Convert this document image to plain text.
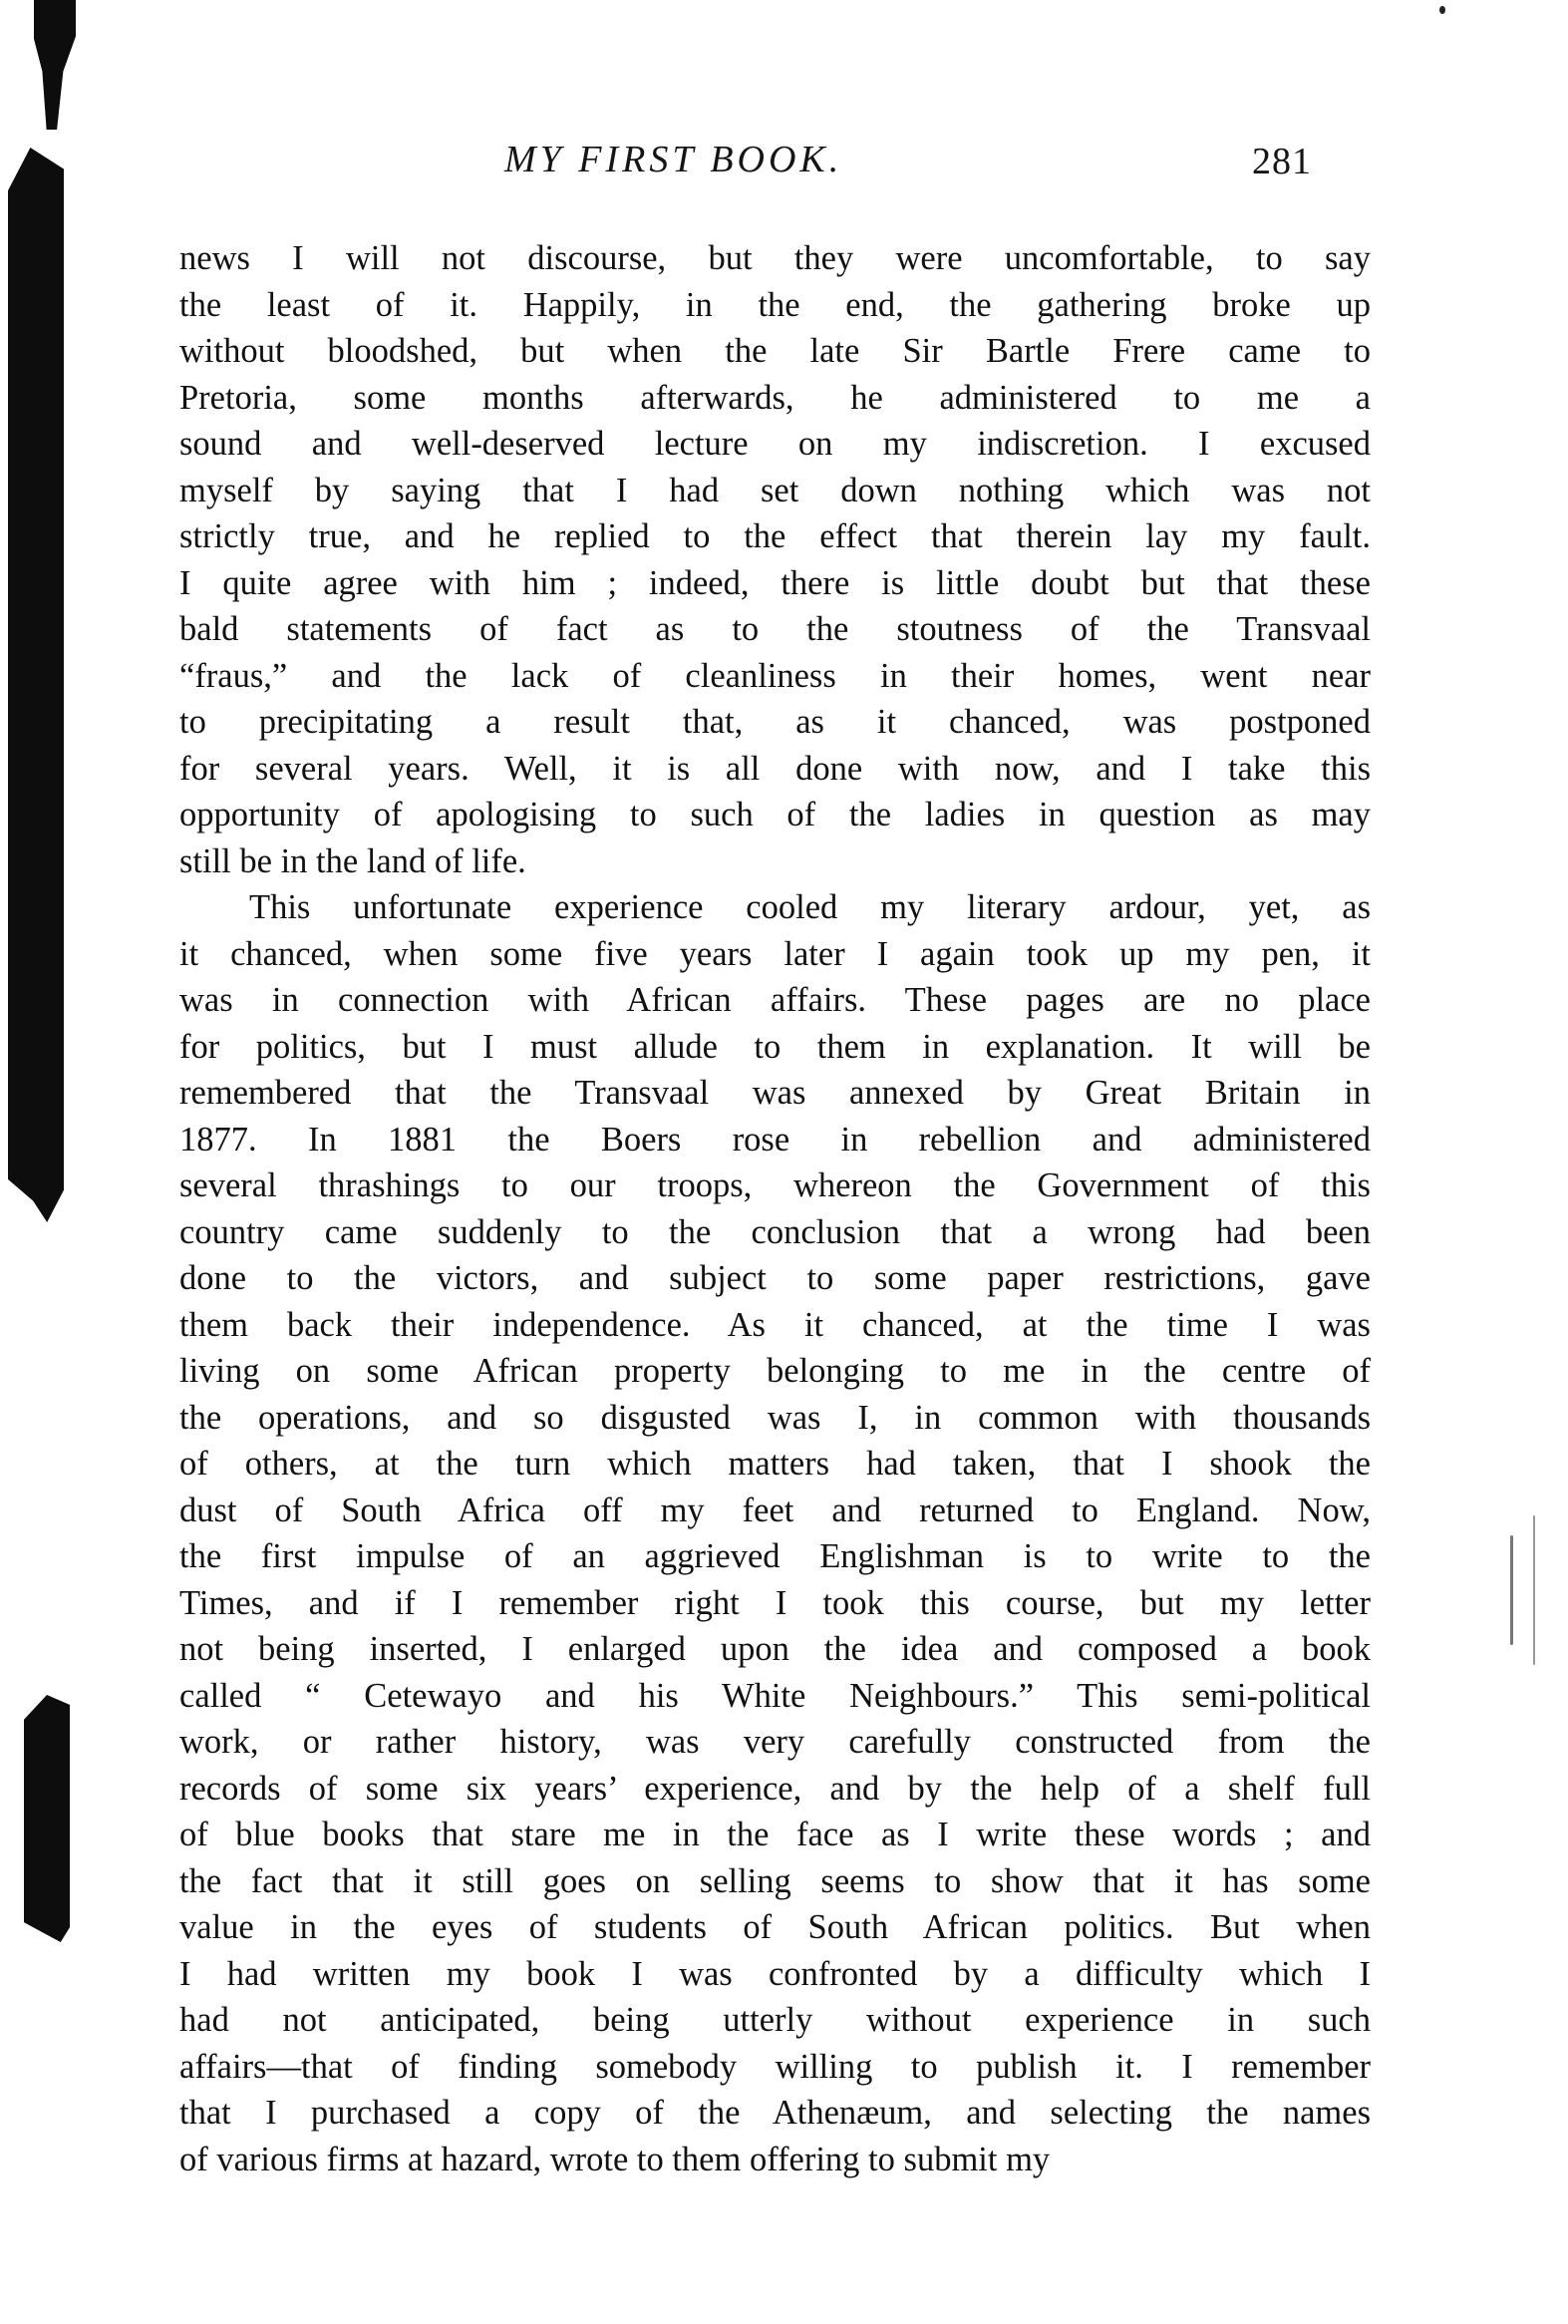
MY FIRST BOOK.	281
news I will not discourse, but they were uncomfortable, to say
the least of it. Happily, in the end, the gathering broke up
without bloodshed, but when the late Sir Bartle Frere came to
Pretoria, some months afterwards, he administered to me a
sound and well-deserved lecture on my indiscretion. I excused
myself by saying that I had set down nothing which was not
strictly true, and he replied to the effect that therein lay my fault.
I quite agree with him ; indeed, there is little doubt but that these
bald statements of fact as to the stoutness of the Transvaal
“fraus,” and the lack of cleanliness in their homes, went near
to precipitating a result that, as it chanced, was postponed
for several years. Well, it is all done with now, and I take this
opportunity of apologising to such of the ladies in question as may
still be in the land of life.
This unfortunate experience cooled my literary ardour, yet, as
it chanced, when some five years later I again took up my pen, it
was in connection with African affairs. These pages are no place
for politics, but I must allude to them in explanation. It will be
remembered that the Transvaal was annexed by Great Britain in
1877. In 1881 the Boers rose in rebellion and administered
several thrashings to our troops, whereon the Government of this
country came suddenly to the conclusion that a wrong had been
done to the victors, and subject to some paper restrictions, gave
them back their independence. As it chanced, at the time I was
living on some African property belonging to me in the centre of
the operations, and so disgusted was I, in common with thousands
of others, at the turn which matters had taken, that I shook the
dust of South Africa off my feet and returned to England. Now,
the first impulse of an aggrieved Englishman is to write to the
Times, and if I remember right I took this course, but my letter
not being inserted, I enlarged upon the idea and composed a book
called “ Cetewayo and his White Neighbours.” This semi-political
work, or rather history, was very carefully constructed from the
records of some six years’ experience, and by the help of a shelf full
of blue books that stare me in the face as I write these words ; and
the fact that it still goes on selling seems to show that it has some
value in the eyes of students of South African politics. But when
I had written my book I was confronted by a difficulty which I
had not anticipated, being utterly without experience in such
affairs—that of finding somebody willing to publish it. I remember
that I purchased a copy of the Athenæum, and selecting the names
of various firms at hazard, wrote to them offering to submit my
